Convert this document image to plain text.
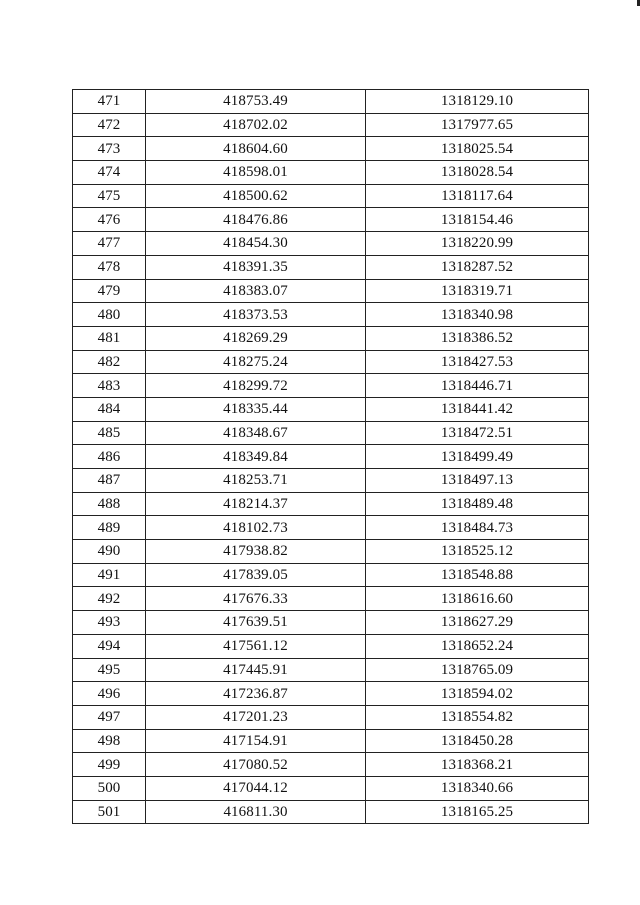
471	418753.49	1318129.10
472	418702.02	1317977.65
473	418604.60	1318025.54
474	418598.01	1318028.54
475	418500.62	1318117.64
476	418476.86	1318154.46
477	418454.30	1318220.99
478	418391.35	1318287.52
479	418383.07	1318319.71
480	418373.53	1318340.98
481	418269.29	1318386.52
482	418275.24	1318427.53
483	418299.72	1318446.71
484	418335.44	1318441.42
485	418348.67	1318472.51
486	418349.84	1318499.49
487	418253.71	1318497.13
488	418214.37	1318489.48
489	418102.73	1318484.73
490	417938.82	1318525.12
491	417839.05	1318548.88
492	417676.33	1318616.60
493	417639.51	1318627.29
494	417561.12	1318652.24
495	417445.91	1318765.09
496	417236.87	1318594.02
497	417201.23	1318554.82
498	417154.91	1318450.28
499	417080.52	1318368.21
500	417044.12	1318340.66
501	416811.30	1318165.25
